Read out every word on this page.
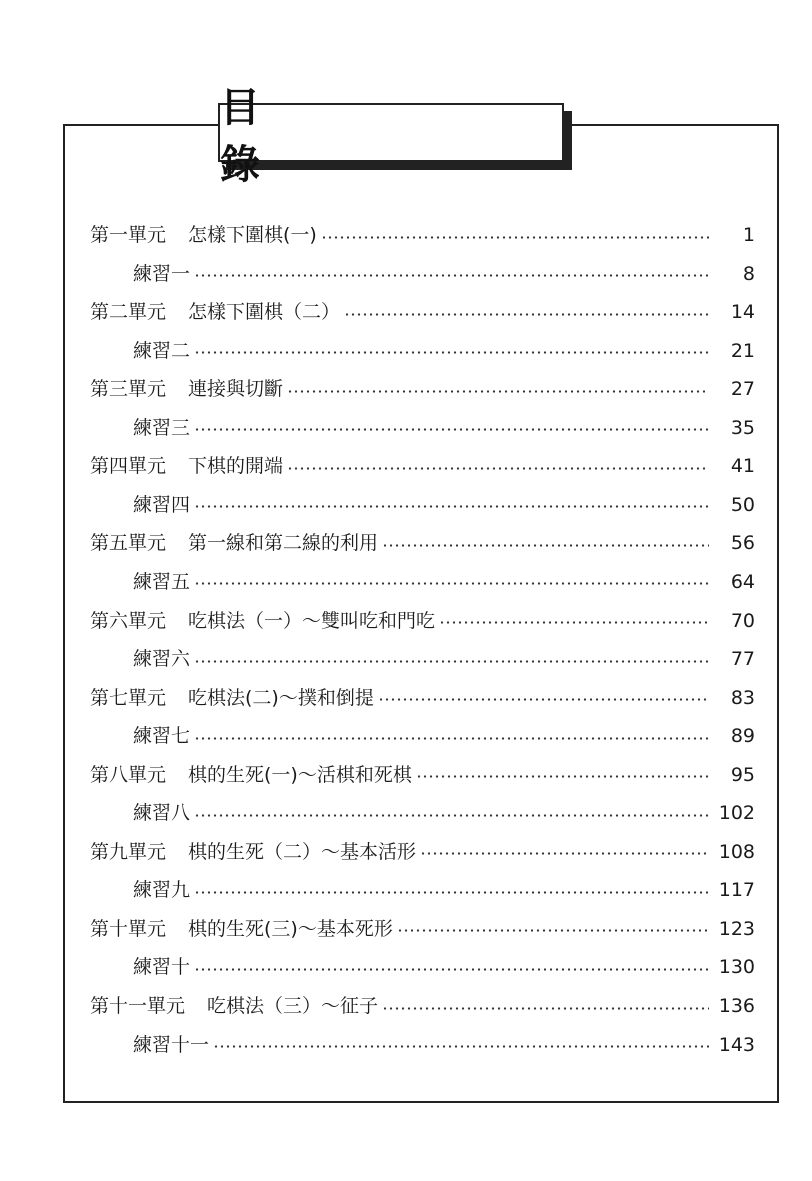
目　　錄
第一單元 怎樣下圍棋(一)	1
練習一	8
第二單元 怎樣下圍棋（二）	14
練習二	21
第三單元 連接與切斷	27
練習三	35
第四單元 下棋的開端	41
練習四	50
第五單元 第一線和第二線的利用	56
練習五	64
第六單元 吃棋法（一）～雙叫吃和門吃	70
練習六	77
第七單元 吃棋法(二)～撲和倒提	83
練習七	89
第八單元 棋的生死(一)～活棋和死棋	95
練習八	102
第九單元 棋的生死（二）～基本活形	108
練習九	117
第十單元 棋的生死(三)～基本死形	123
練習十	130
第十一單元 吃棋法（三）～征子	136
練習十一	143
